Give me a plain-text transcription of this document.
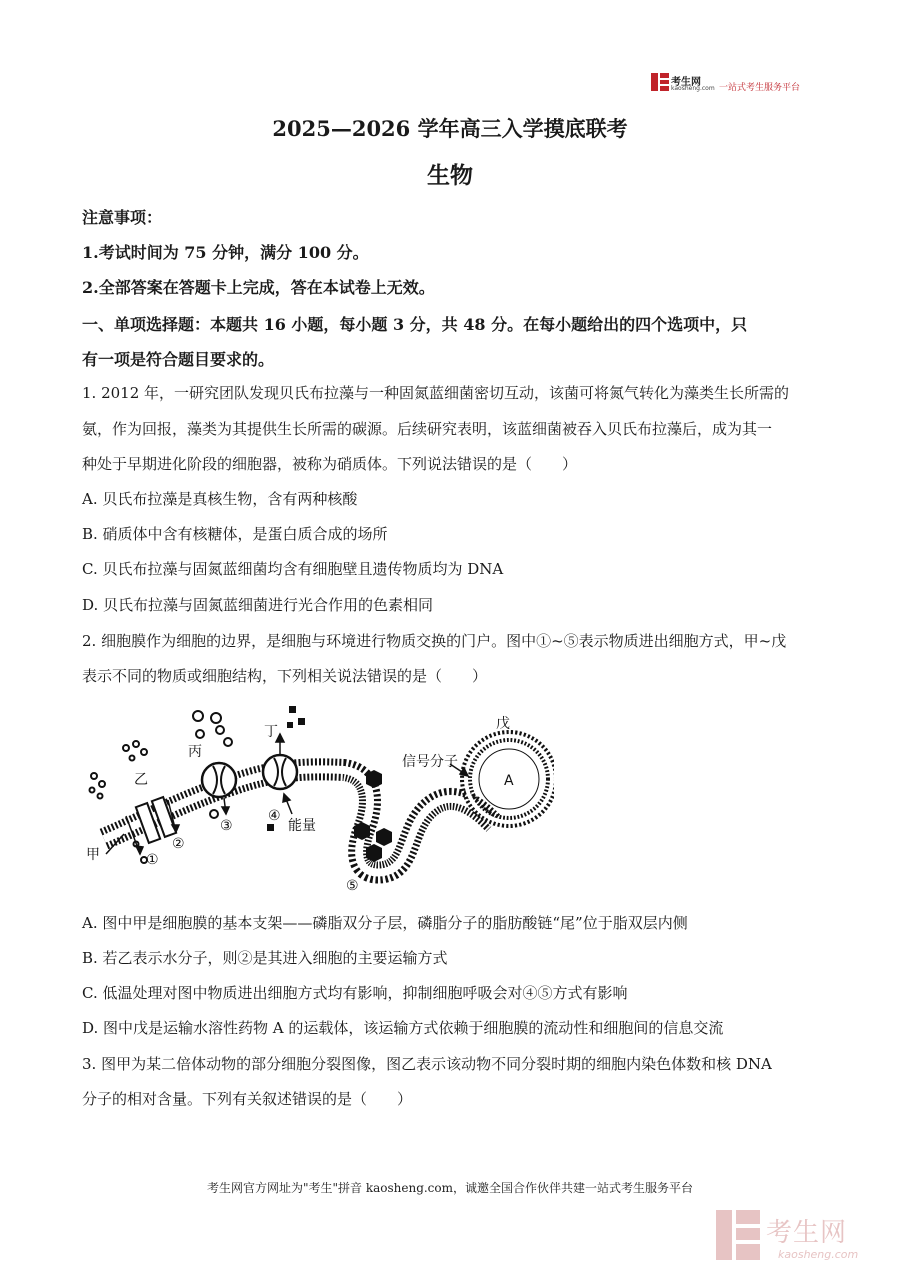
考生网
kaosheng.com 一站式考生服务平台
2025—2026 学年高三入学摸底联考
生物
注意事项：
1.考试时间为 75 分钟，满分 100 分。
2.全部答案在答题卡上完成，答在本试卷上无效。
一、单项选择题：本题共 16 小题，每小题 3 分，共 48 分。在每小题给出的四个选项中，只
有一项是符合题目要求的。
1. 2012 年，一研究团队发现贝氏布拉藻与一种固氮蓝细菌密切互动，该菌可将氮气转化为藻类生长所需的
氨，作为回报，藻类为其提供生长所需的碳源。后续研究表明，该蓝细菌被吞入贝氏布拉藻后，成为其一
种处于早期进化阶段的细胞器，被称为硝质体。下列说法错误的是（　　）
A. 贝氏布拉藻是真核生物，含有两种核酸
B. 硝质体中含有核糖体，是蛋白质合成的场所
C. 贝氏布拉藻与固氮蓝细菌均含有细胞壁且遗传物质均为 DNA
D. 贝氏布拉藻与固氮蓝细菌进行光合作用的色素相同
2. 细胞膜作为细胞的边界，是细胞与环境进行物质交换的门户。图中①~⑤表示物质进出细胞方式，甲~戊
表示不同的物质或细胞结构，下列相关说法错误的是（　　）
甲
乙
丙
丁	戊
信号分子
A
能量
①
②
③
④
⑤
A. 图中甲是细胞膜的基本支架——磷脂双分子层，磷脂分子的脂肪酸链“尾”位于脂双层内侧
B. 若乙表示水分子，则②是其进入细胞的主要运输方式
C. 低温处理对图中物质进出细胞方式均有影响，抑制细胞呼吸会对④⑤方式有影响
D. 图中戊是运输水溶性药物 A 的运载体，该运输方式依赖于细胞膜的流动性和细胞间的信息交流
3. 图甲为某二倍体动物的部分细胞分裂图像，图乙表示该动物不同分裂时期的细胞内染色体数和核 DNA
分子的相对含量。下列有关叙述错误的是（　　）
考生网官方网址为"考生"拼音 kaosheng.com，诚邀全国合作伙伴共建一站式考生服务平台
考生网
kaosheng.com
